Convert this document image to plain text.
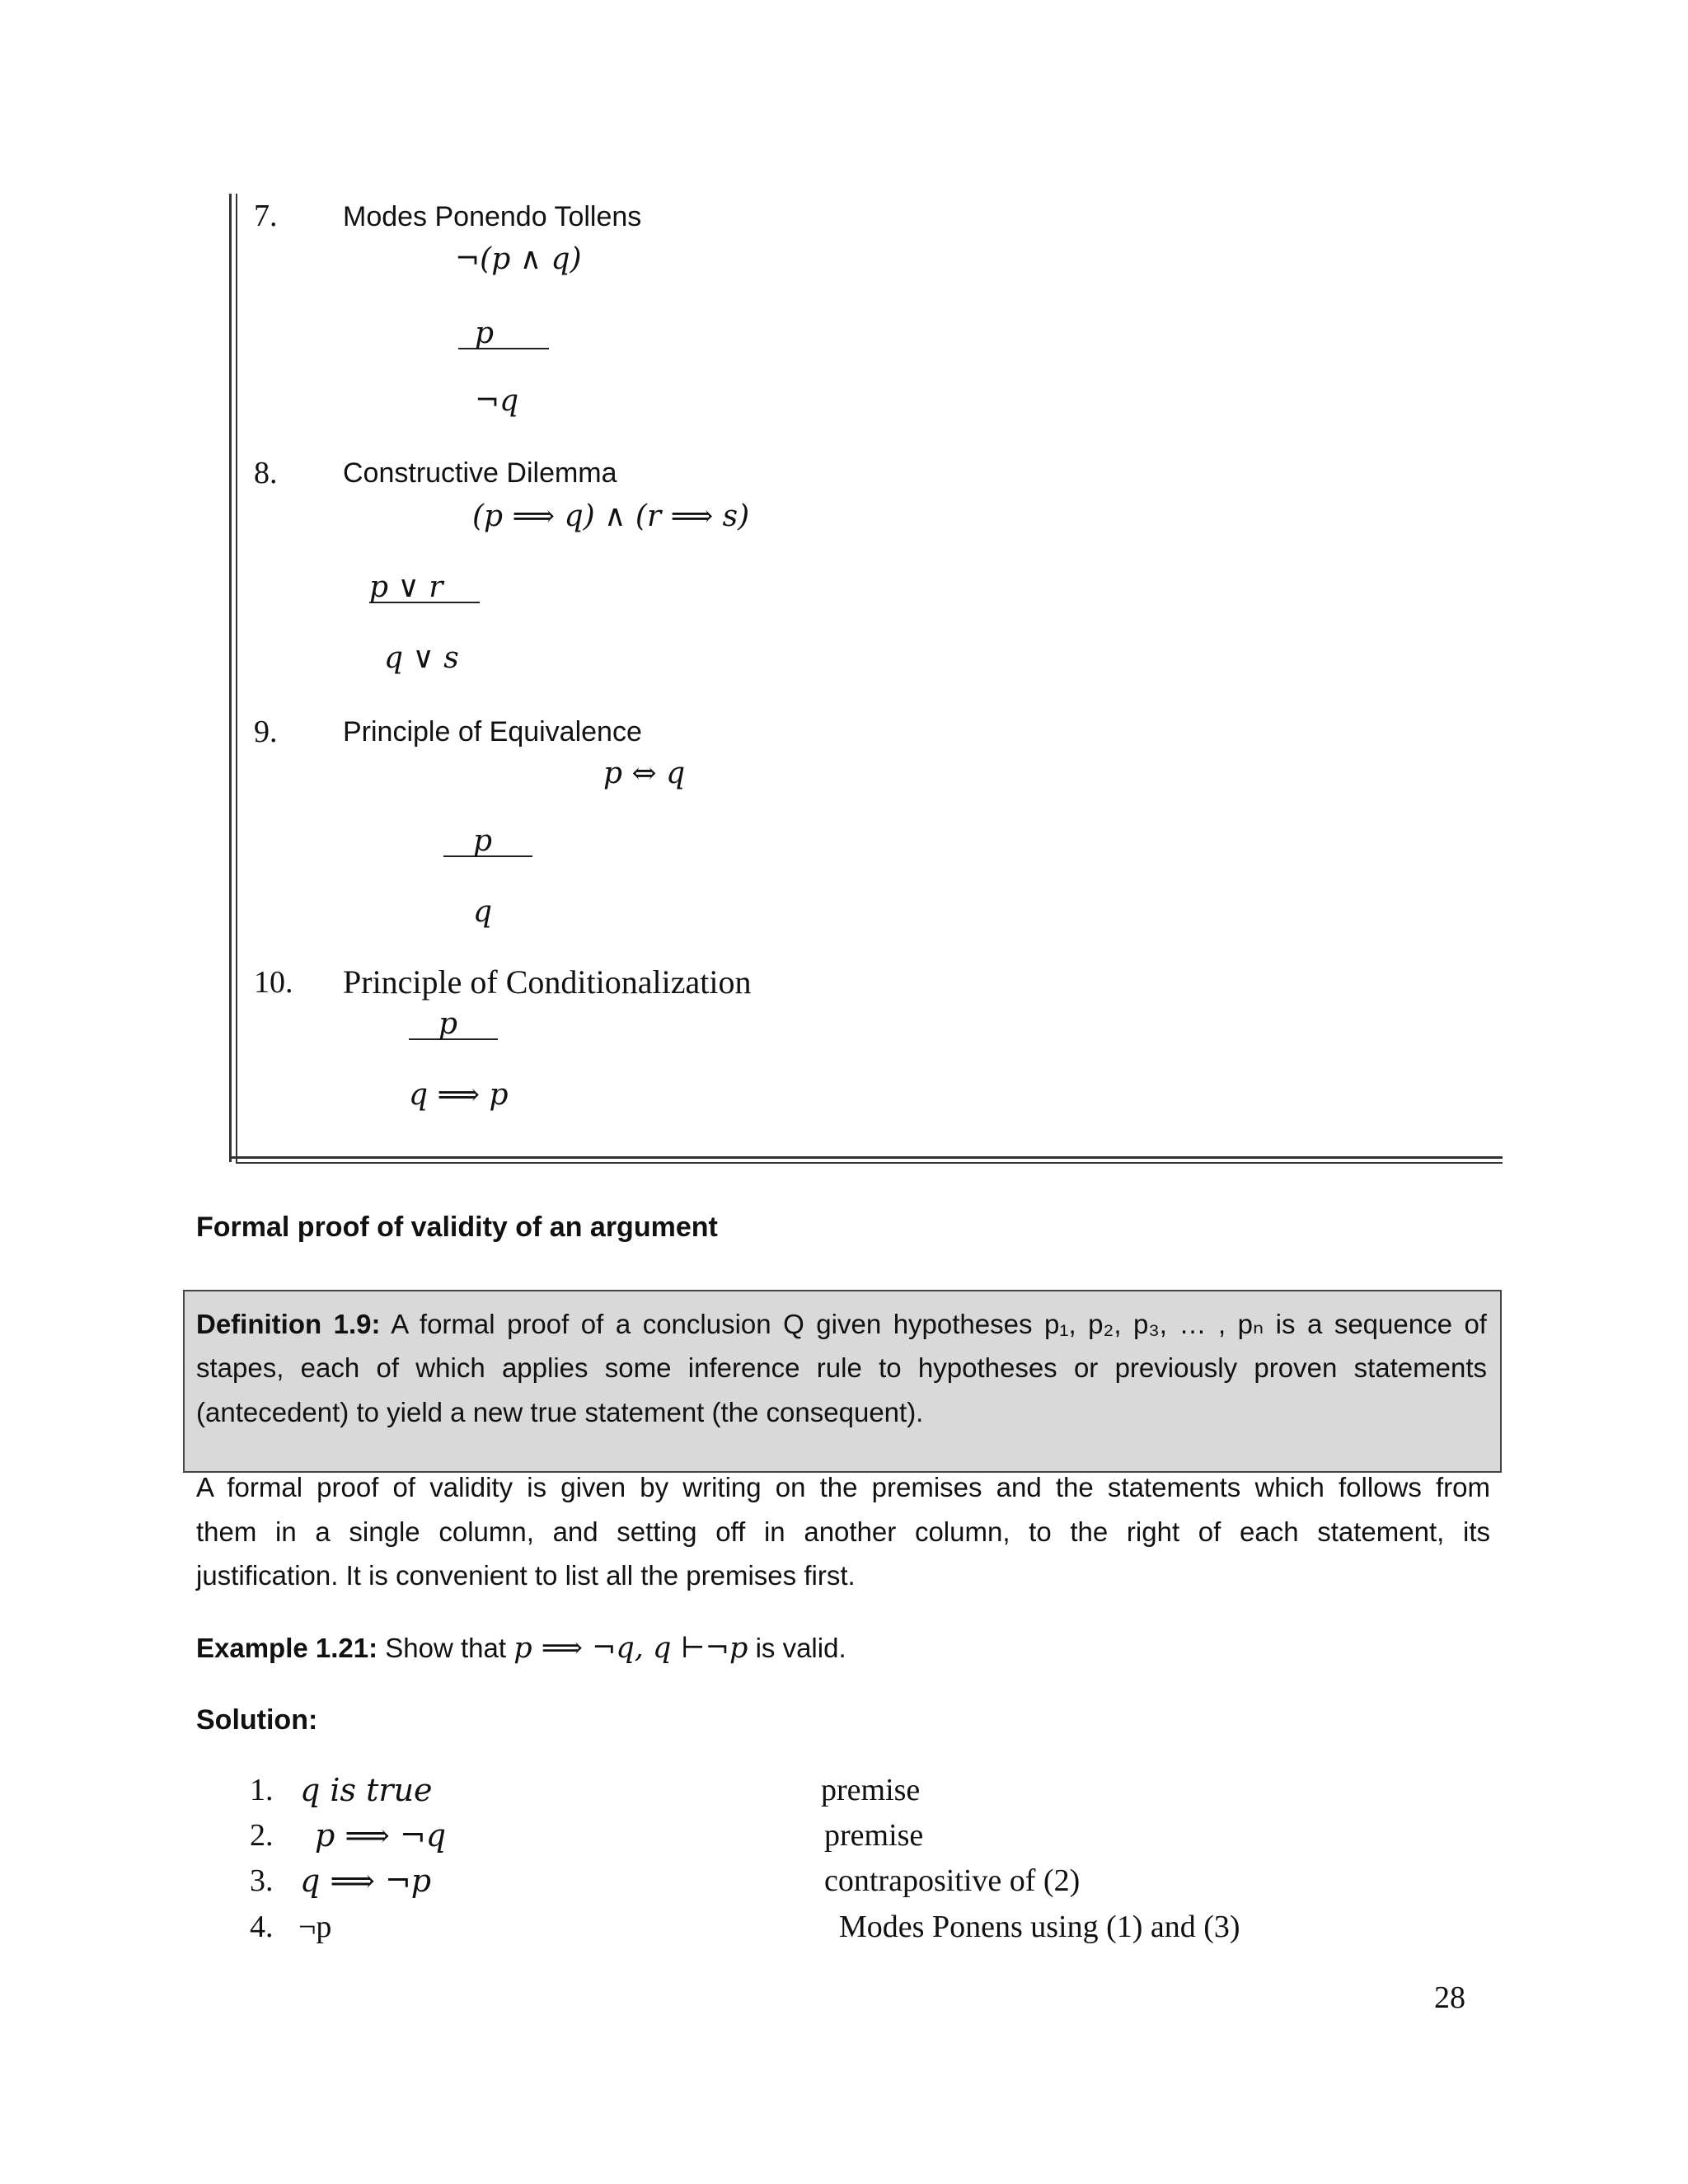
7. Modes Ponendo Tollens
¬(p ∧ q)
p
¬q
8. Constructive Dilemma
(p ⟹ q) ∧ (r ⟹ s)
p ∨ r
q ∨ s
9. Principle of Equivalence
p ⇔ q
p
q
10. Principle of Conditionalization
p
q ⟹ p
Formal proof of validity of an argument
Definition 1.9: A formal proof of a conclusion Q given hypotheses p₁, p₂, p₃, … , pₙ is a sequence of
stapes, each of which applies some inference rule to hypotheses or previously proven statements
(antecedent) to yield a new true statement (the consequent).
A formal proof of validity is given by writing on the premises and the statements which follows from
them in a single column, and setting off in another column, to the right of each statement, its
justification. It is convenient to list all the premises first.
Example 1.21: Show that p ⟹ ¬q, q ⊢¬p is valid.
Solution:
1. q is true	premise
2. p ⟹ ¬q	premise
3. q ⟹ ¬p	contrapositive of (2)
4. ¬p	Modes Ponens using (1) and (3)
28
